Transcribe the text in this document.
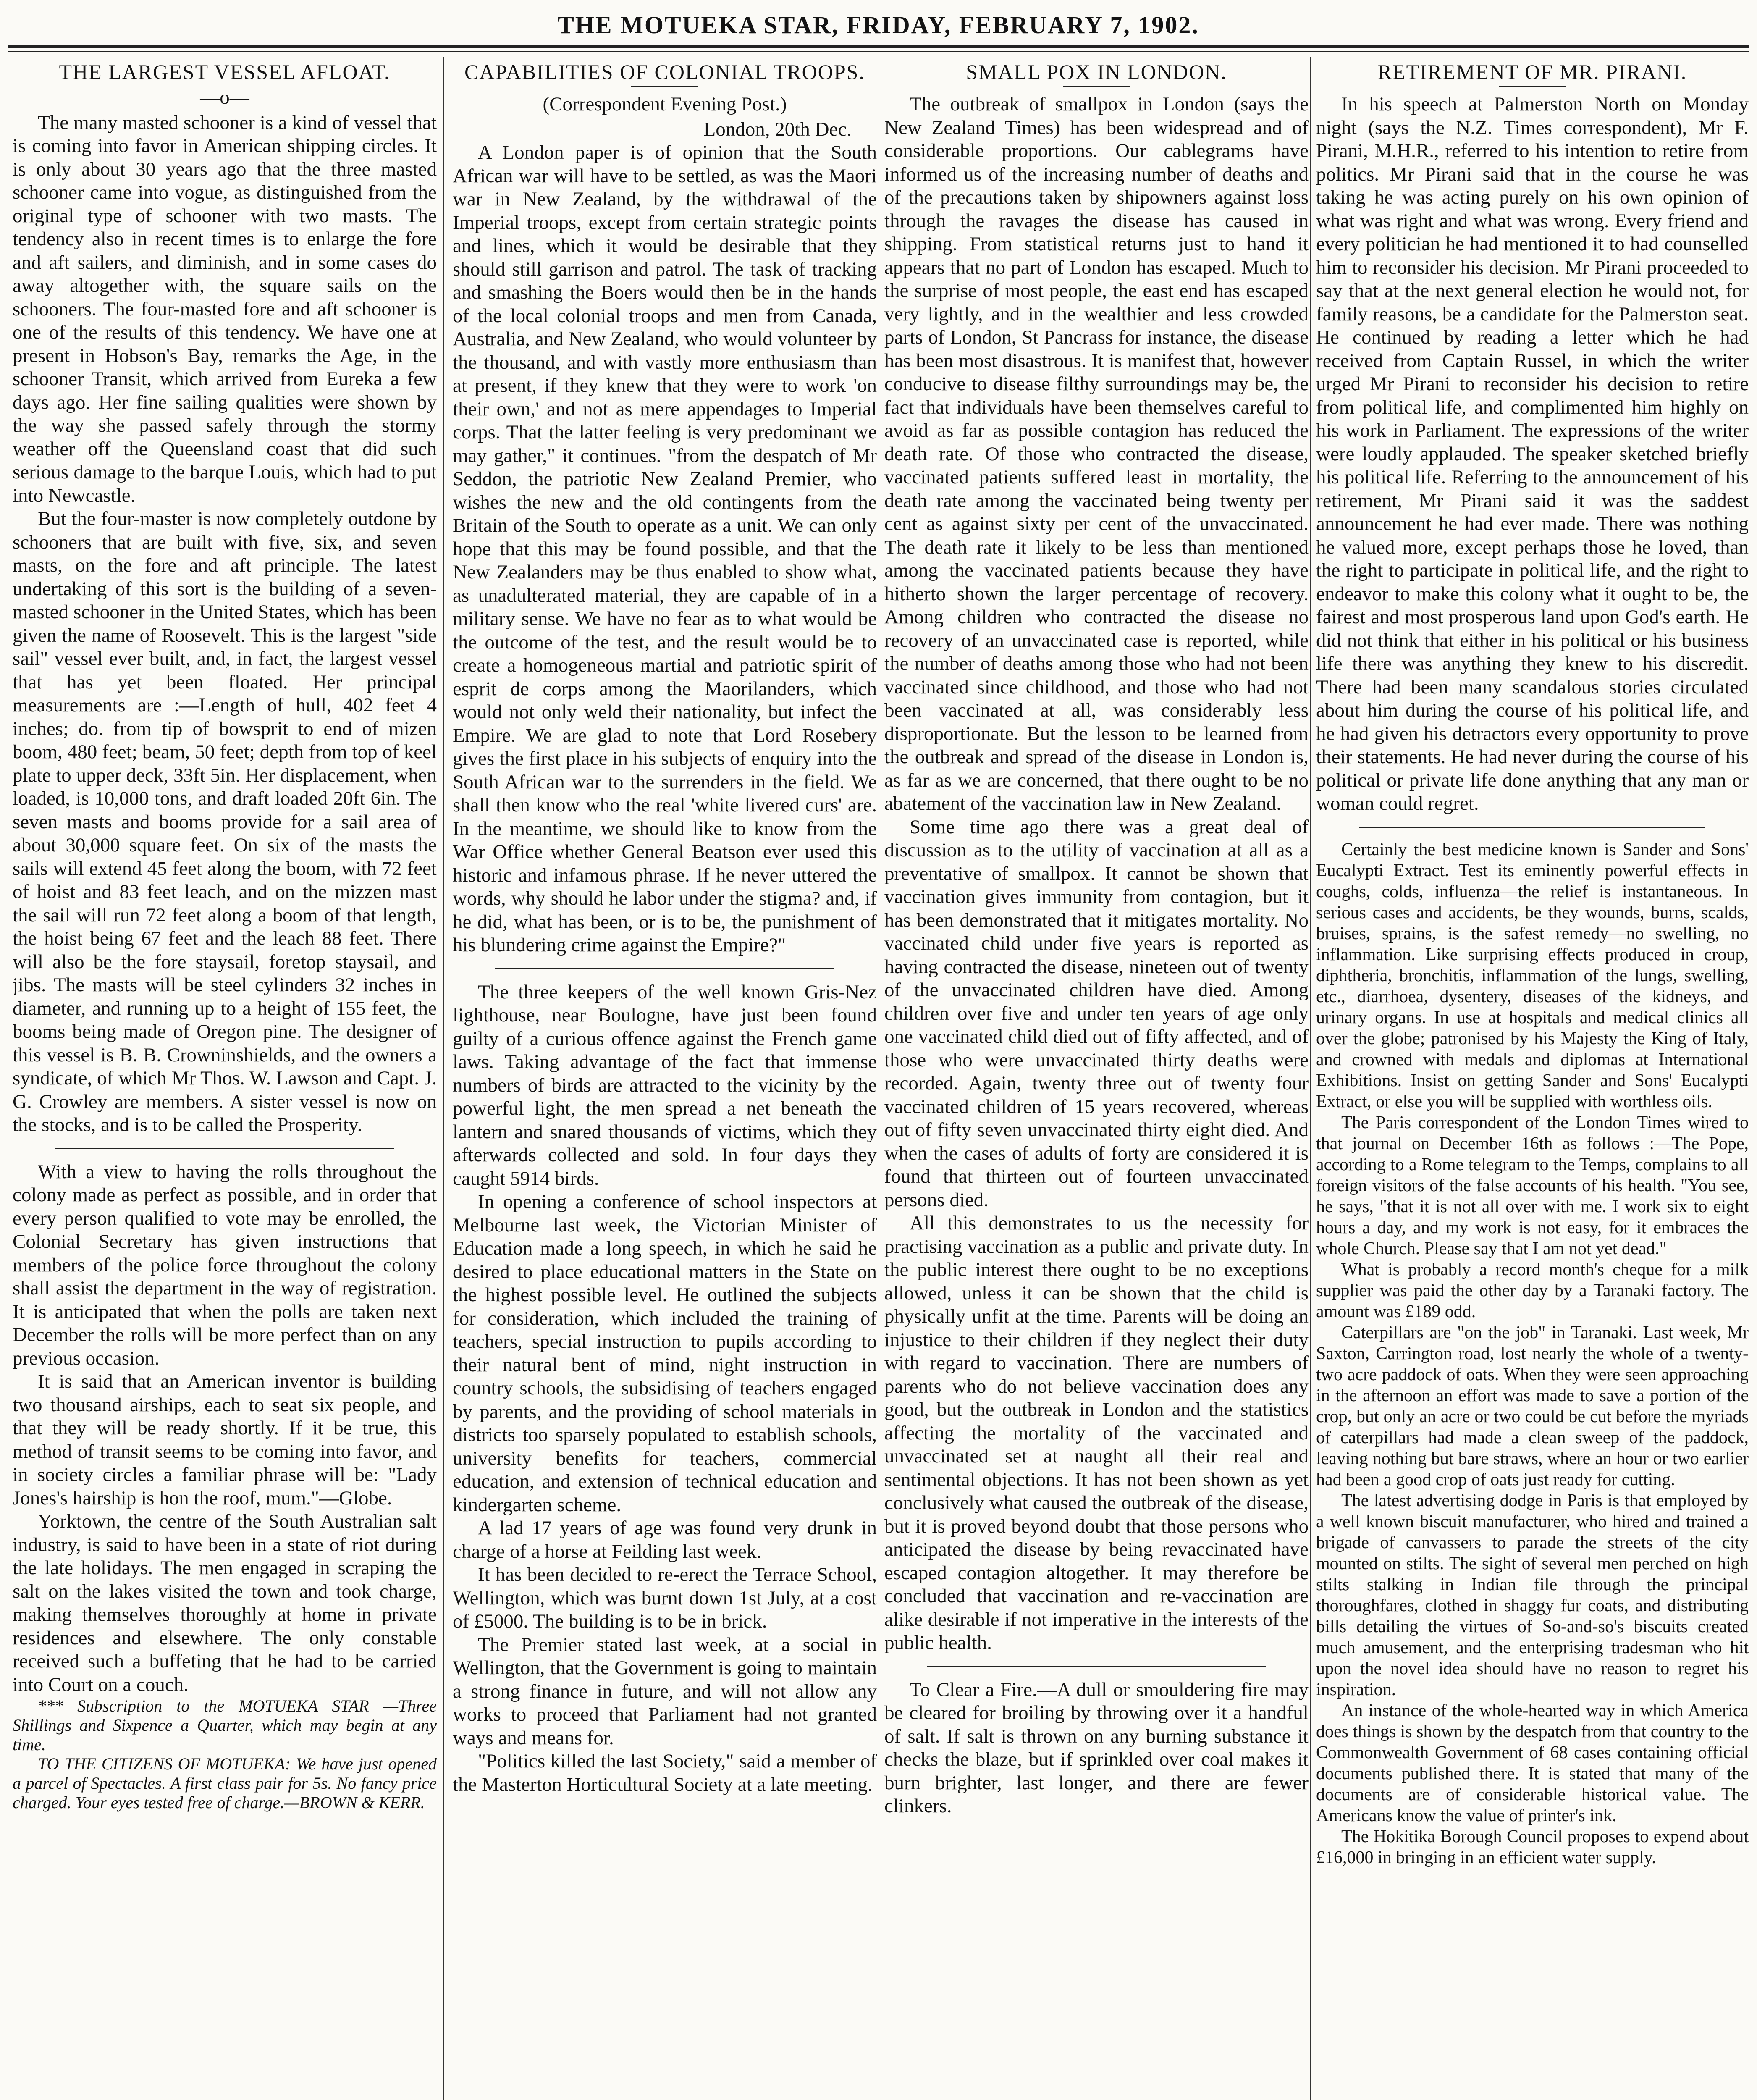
THE MOTUEKA STAR, FRIDAY, FEBRUARY 7, 1902.
THE LARGEST VESSEL AFLOAT.
—o—

The many masted schooner is a kind of vessel that is coming into favor in American shipping circles. It is only about 30 years ago that the three masted schooner came into vogue, as distinguished from the original type of schooner with two masts. The tendency also in recent times is to enlarge the fore and aft sailers, and diminish, and in some cases do away altogether with, the square sails on the schooners. The four-masted fore and aft schooner is one of the results of this tendency. We have one at present in Hobson's Bay, remarks the Age, in the schooner Transit, which arrived from Eureka a few days ago. Her fine sailing qualities were shown by the way she passed safely through the stormy weather off the Queensland coast that did such serious damage to the barque Louis, which had to put into Newcastle.

But the four-master is now completely outdone by schooners that are built with five, six, and seven masts, on the fore and aft principle. The latest undertaking of this sort is the building of a seven-masted schooner in the United States, which has been given the name of Roosevelt. This is the largest "side sail" vessel ever built, and, in fact, the largest vessel that has yet been floated. Her principal measurements are :—Length of hull, 402 feet 4 inches; do. from tip of bowsprit to end of mizen boom, 480 feet; beam, 50 feet; depth from top of keel plate to upper deck, 33ft 5in. Her displacement, when loaded, is 10,000 tons, and draft loaded 20ft 6in. The seven masts and booms provide for a sail area of about 30,000 square feet. On six of the masts the sails will extend 45 feet along the boom, with 72 feet of hoist and 83 feet leach, and on the mizzen mast the sail will run 72 feet along a boom of that length, the hoist being 67 feet and the leach 88 feet. There will also be the fore staysail, foretop staysail, and jibs. The masts will be steel cylinders 32 inches in diameter, and running up to a height of 155 feet, the booms being made of Oregon pine. The designer of this vessel is B. B. Crowninshields, and the owners a syndicate, of which Mr Thos. W. Lawson and Capt. J. G. Crowley are members. A sister vessel is now on the stocks, and is to be called the Prosperity.

With a view to having the rolls throughout the colony made as perfect as possible, and in order that every person qualified to vote may be enrolled, the Colonial Secretary has given instructions that members of the police force throughout the colony shall assist the department in the way of registration. It is anticipated that when the polls are taken next December the rolls will be more perfect than on any previous occasion.

It is said that an American inventor is building two thousand airships, each to seat six people, and that they will be ready shortly. If it be true, this method of transit seems to be coming into favor, and in society circles a familiar phrase will be: "Lady Jones's hairship is hon the roof, mum."—Globe.

Yorktown, the centre of the South Australian salt industry, is said to have been in a state of riot during the late holidays. The men engaged in scraping the salt on the lakes visited the town and took charge, making themselves thoroughly at home in private residences and elsewhere. The only constable received such a buffeting that he had to be carried into Court on a couch.

*** Subscription to the MOTUEKA STAR —Three Shillings and Sixpence a Quarter, which may begin at any time.

TO THE CITIZENS OF MOTUEKA: We have just opened a parcel of Spectacles. A first class pair for 5s. No fancy price charged. Your eyes tested free of charge.—BROWN & KERR.

CAPABILITIES OF COLONIAL TROOPS.
(Correspondent Evening Post.)
London, 20th Dec.

A London paper is of opinion that the South African war will have to be settled, as was the Maori war in New Zealand, by the withdrawal of the Imperial troops, except from certain strategic points and lines, which it would be desirable that they should still garrison and patrol. The task of tracking and smashing the Boers would then be in the hands of the local colonial troops and men from Canada, Australia, and New Zealand, who would volunteer by the thousand, and with vastly more enthusiasm than at present, if they knew that they were to work 'on their own,' and not as mere appendages to Imperial corps. That the latter feeling is very predominant we may gather," it continues. "from the despatch of Mr Seddon, the patriotic New Zealand Premier, who wishes the new and the old contingents from the Britain of the South to operate as a unit. We can only hope that this may be found possible, and that the New Zealanders may be thus enabled to show what, as unadulterated material, they are capable of in a military sense. We have no fear as to what would be the outcome of the test, and the result would be to create a homogeneous martial and patriotic spirit of esprit de corps among the Maorilanders, which would not only weld their nationality, but infect the Empire. We are glad to note that Lord Rosebery gives the first place in his subjects of enquiry into the South African war to the surrenders in the field. We shall then know who the real 'white livered curs' are. In the meantime, we should like to know from the War Office whether General Beatson ever used this historic and infamous phrase. If he never uttered the words, why should he labor under the stigma? and, if he did, what has been, or is to be, the punishment of his blundering crime against the Empire?"

The three keepers of the well known Gris-Nez lighthouse, near Boulogne, have just been found guilty of a curious offence against the French game laws. Taking advantage of the fact that immense numbers of birds are attracted to the vicinity by the powerful light, the men spread a net beneath the lantern and snared thousands of victims, which they afterwards collected and sold. In four days they caught 5914 birds.

In opening a conference of school inspectors at Melbourne last week, the Victorian Minister of Education made a long speech, in which he said he desired to place educational matters in the State on the highest possible level. He outlined the subjects for consideration, which included the training of teachers, special instruction to pupils according to their natural bent of mind, night instruction in country schools, the subsidising of teachers engaged by parents, and the providing of school materials in districts too sparsely populated to establish schools, university benefits for teachers, commercial education, and extension of technical education and kindergarten scheme.

A lad 17 years of age was found very drunk in charge of a horse at Feilding last week.

It has been decided to re-erect the Terrace School, Wellington, which was burnt down 1st July, at a cost of £5000. The building is to be in brick.

The Premier stated last week, at a social in Wellington, that the Government is going to maintain a strong finance in future, and will not allow any works to proceed that Parliament had not granted ways and means for.

"Politics killed the last Society," said a member of the Masterton Horticultural Society at a late meeting.

SMALL POX IN LONDON.

The outbreak of smallpox in London (says the New Zealand Times) has been widespread and of considerable proportions. Our cablegrams have informed us of the increasing number of deaths and of the precautions taken by shipowners against loss through the ravages the disease has caused in shipping. From statistical returns just to hand it appears that no part of London has escaped. Much to the surprise of most people, the east end has escaped very lightly, and in the wealthier and less crowded parts of London, St Pancrass for instance, the disease has been most disastrous. It is manifest that, however conducive to disease filthy surroundings may be, the fact that individuals have been themselves careful to avoid as far as possible contagion has reduced the death rate. Of those who contracted the disease, vaccinated patients suffered least in mortality, the death rate among the vaccinated being twenty per cent as against sixty per cent of the unvaccinated. The death rate it likely to be less than mentioned among the vaccinated patients because they have hitherto shown the larger percentage of recovery. Among children who contracted the disease no recovery of an unvaccinated case is reported, while the number of deaths among those who had not been vaccinated since childhood, and those who had not been vaccinated at all, was considerably less disproportionate. But the lesson to be learned from the outbreak and spread of the disease in London is, as far as we are concerned, that there ought to be no abatement of the vaccination law in New Zealand.

Some time ago there was a great deal of discussion as to the utility of vaccination at all as a preventative of smallpox. It cannot be shown that vaccination gives immunity from contagion, but it has been demonstrated that it mitigates mortality. No vaccinated child under five years is reported as having contracted the disease, nineteen out of twenty of the unvaccinated children have died. Among children over five and under ten years of age only one vaccinated child died out of fifty affected, and of those who were unvaccinated thirty deaths were recorded. Again, twenty three out of twenty four vaccinated children of 15 years recovered, whereas out of fifty seven unvaccinated thirty eight died. And when the cases of adults of forty are considered it is found that thirteen out of fourteen unvaccinated persons died.

All this demonstrates to us the necessity for practising vaccination as a public and private duty. In the public interest there ought to be no exceptions allowed, unless it can be shown that the child is physically unfit at the time. Parents will be doing an injustice to their children if they neglect their duty with regard to vaccination. There are numbers of parents who do not believe vaccination does any good, but the outbreak in London and the statistics affecting the mortality of the vaccinated and unvaccinated set at naught all their real and sentimental objections. It has not been shown as yet conclusively what caused the outbreak of the disease, but it is proved beyond doubt that those persons who anticipated the disease by being revaccinated have escaped contagion altogether. It may therefore be concluded that vaccination and re-vaccination are alike desirable if not imperative in the interests of the public health.

To Clear a Fire.—A dull or smouldering fire may be cleared for broiling by throwing over it a handful of salt. If salt is thrown on any burning substance it checks the blaze, but if sprinkled over coal makes it burn brighter, last longer, and there are fewer clinkers.

RETIREMENT OF MR. PIRANI.

In his speech at Palmerston North on Monday night (says the N.Z. Times correspondent), Mr F. Pirani, M.H.R., referred to his intention to retire from politics. Mr Pirani said that in the course he was taking he was acting purely on his own opinion of what was right and what was wrong. Every friend and every politician he had mentioned it to had counselled him to reconsider his decision. Mr Pirani proceeded to say that at the next general election he would not, for family reasons, be a candidate for the Palmerston seat. He continued by reading a letter which he had received from Captain Russel, in which the writer urged Mr Pirani to reconsider his decision to retire from political life, and complimented him highly on his work in Parliament. The expressions of the writer were loudly applauded. The speaker sketched briefly his political life. Referring to the announcement of his retirement, Mr Pirani said it was the saddest announcement he had ever made. There was nothing he valued more, except perhaps those he loved, than the right to participate in political life, and the right to endeavor to make this colony what it ought to be, the fairest and most prosperous land upon God's earth. He did not think that either in his political or his business life there was anything they knew to his discredit. There had been many scandalous stories circulated about him during the course of his political life, and he had given his detractors every opportunity to prove their statements. He had never during the course of his political or private life done anything that any man or woman could regret.

Certainly the best medicine known is Sander and Sons' Eucalypti Extract. Test its eminently powerful effects in coughs, colds, influenza—the relief is instantaneous. In serious cases and accidents, be they wounds, burns, scalds, bruises, sprains, is the safest remedy—no swelling, no inflammation. Like surprising effects produced in croup, diphtheria, bronchitis, inflammation of the lungs, swelling, etc., diarrhoea, dysentery, diseases of the kidneys, and urinary organs. In use at hospitals and medical clinics all over the globe; patronised by his Majesty the King of Italy, and crowned with medals and diplomas at International Exhibitions. Insist on getting Sander and Sons' Eucalypti Extract, or else you will be supplied with worthless oils.

The Paris correspondent of the London Times wired to that journal on December 16th as follows :—The Pope, according to a Rome telegram to the Temps, complains to all foreign visitors of the false accounts of his health. "You see, he says, "that it is not all over with me. I work six to eight hours a day, and my work is not easy, for it embraces the whole Church. Please say that I am not yet dead."

What is probably a record month's cheque for a milk supplier was paid the other day by a Taranaki factory. The amount was £189 odd.

Caterpillars are "on the job" in Taranaki. Last week, Mr Saxton, Carrington road, lost nearly the whole of a twenty-two acre paddock of oats. When they were seen approaching in the afternoon an effort was made to save a portion of the crop, but only an acre or two could be cut before the myriads of caterpillars had made a clean sweep of the paddock, leaving nothing but bare straws, where an hour or two earlier had been a good crop of oats just ready for cutting.

The latest advertising dodge in Paris is that employed by a well known biscuit manufacturer, who hired and trained a brigade of canvassers to parade the streets of the city mounted on stilts. The sight of several men perched on high stilts stalking in Indian file through the principal thoroughfares, clothed in shaggy fur coats, and distributing bills detailing the virtues of So-and-so's biscuits created much amusement, and the enterprising tradesman who hit upon the novel idea should have no reason to regret his inspiration.

An instance of the whole-hearted way in which America does things is shown by the despatch from that country to the Commonwealth Government of 68 cases containing official documents published there. It is stated that many of the documents are of considerable historical value. The Americans know the value of printer's ink.

The Hokitika Borough Council proposes to expend about £16,000 in bringing in an efficient water supply.
